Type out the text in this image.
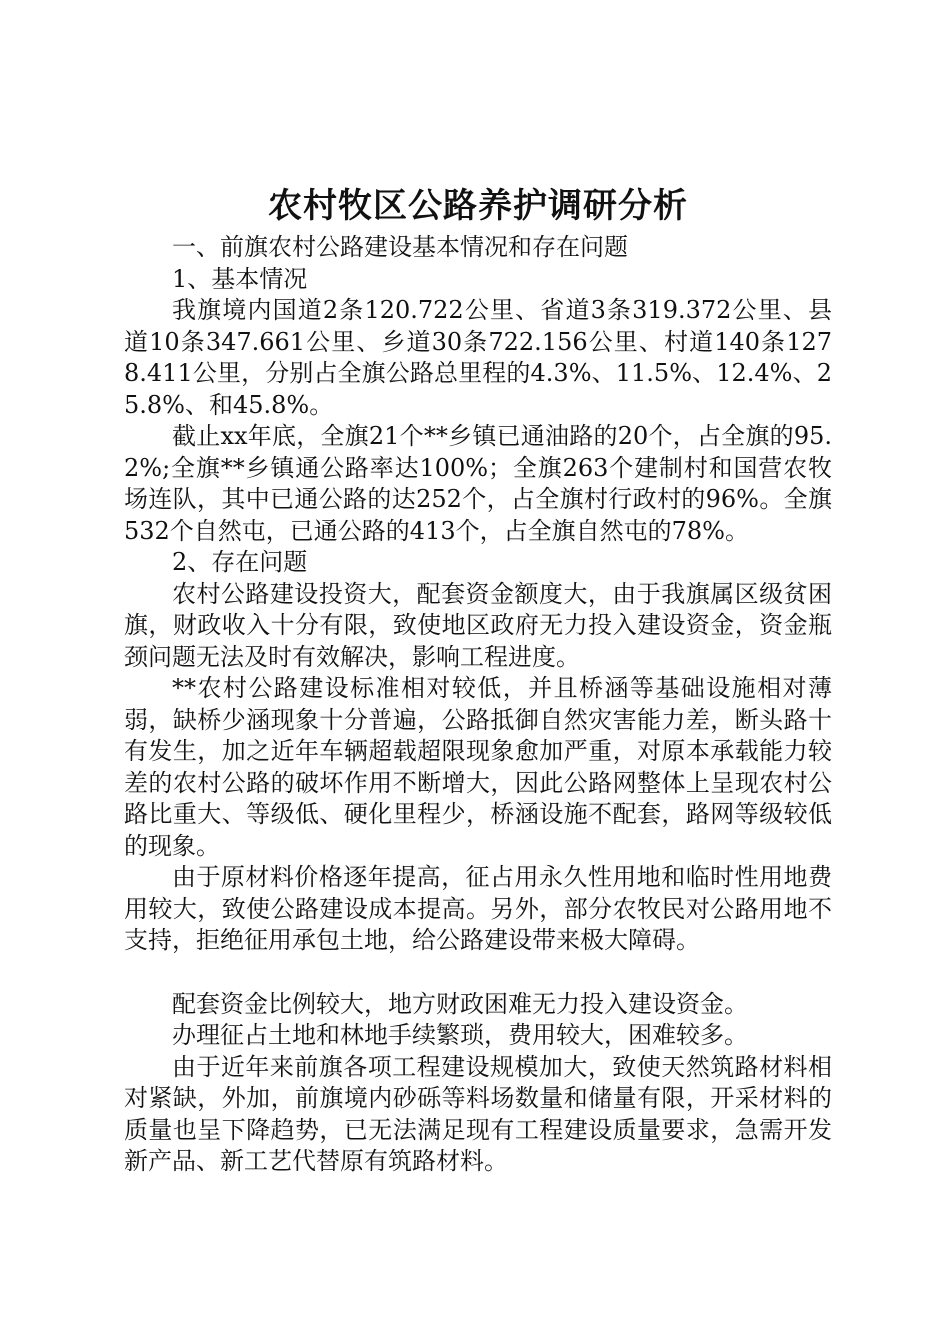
农村牧区公路养护调研分析

一、前旗农村公路建设基本情况和存在问题

1、基本情况

我旗境内国道2条120.722公里、省道3条319.372公里、县道10条347.661公里、乡道30条722.156公里、村道140条1278.411公里，分别占全旗公路总里程的4.3%、11.5%、12.4%、25.8%、和45.8%。

截止xx年底，全旗21个**乡镇已通油路的20个，占全旗的95.2%;全旗**乡镇通公路率达100%；全旗263个建制村和国营农牧场连队，其中已通公路的达252个，占全旗村行政村的96%。全旗532个自然屯，已通公路的413个，占全旗自然屯的78%。

2、存在问题

农村公路建设投资大，配套资金额度大，由于我旗属区级贫困旗，财政收入十分有限，致使地区政府无力投入建设资金，资金瓶颈问题无法及时有效解决，影响工程进度。

**农村公路建设标准相对较低，并且桥涵等基础设施相对薄弱，缺桥少涵现象十分普遍，公路抵御自然灾害能力差，断头路十有发生，加之近年车辆超载超限现象愈加严重，对原本承载能力较差的农村公路的破坏作用不断增大，因此公路网整体上呈现农村公路比重大、等级低、硬化里程少，桥涵设施不配套，路网等级较低的现象。

由于原材料价格逐年提高，征占用永久性用地和临时性用地费用较大，致使公路建设成本提高。另外，部分农牧民对公路用地不支持，拒绝征用承包土地，给公路建设带来极大障碍。

配套资金比例较大，地方财政困难无力投入建设资金。

办理征占土地和林地手续繁琐，费用较大，困难较多。

由于近年来前旗各项工程建设规模加大，致使天然筑路材料相对紧缺，外加，前旗境内砂砾等料场数量和储量有限，开采材料的质量也呈下降趋势，已无法满足现有工程建设质量要求，急需开发新产品、新工艺代替原有筑路材料。
